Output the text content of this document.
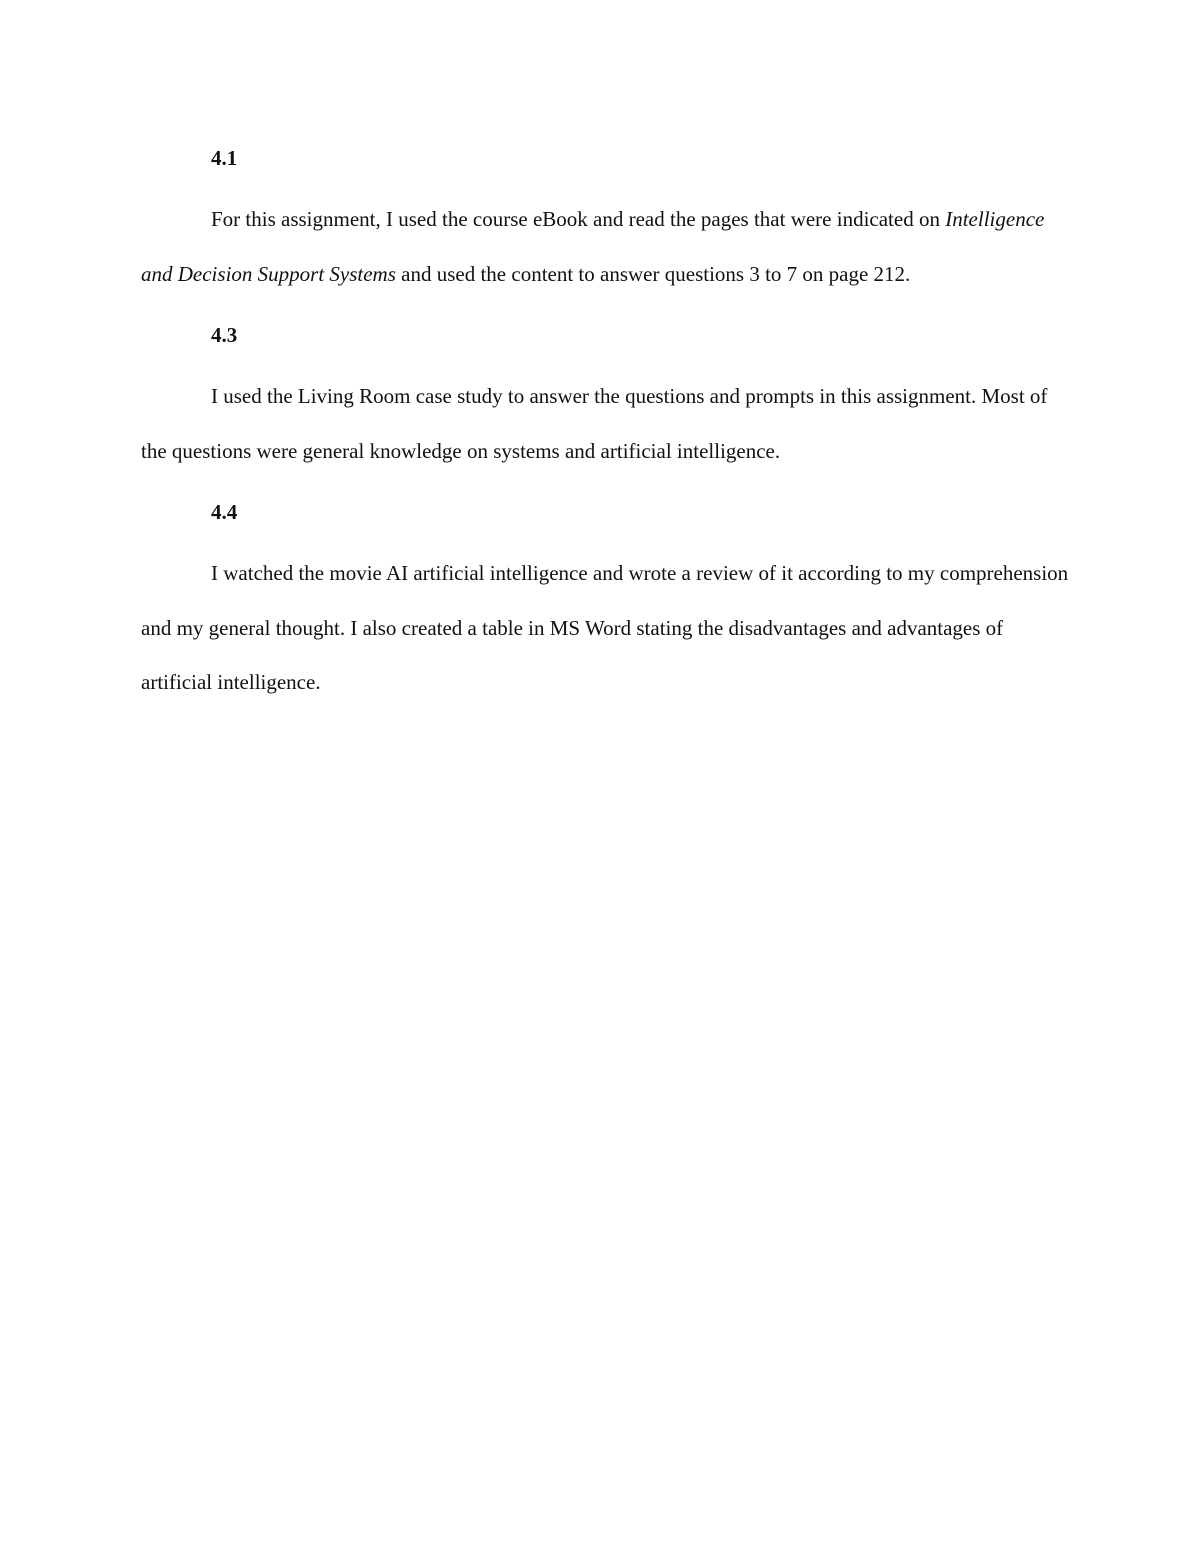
4.1

For this assignment, I used the course eBook and read the pages that were indicated on Intelligence and Decision Support Systems and used the content to answer questions 3 to 7 on page 212.

4.3

I used the Living Room case study to answer the questions and prompts in this assignment. Most of the questions were general knowledge on systems and artificial intelligence.

4.4

I watched the movie AI artificial intelligence and wrote a review of it according to my comprehension and my general thought. I also created a table in MS Word stating the disadvantages and advantages of artificial intelligence.
